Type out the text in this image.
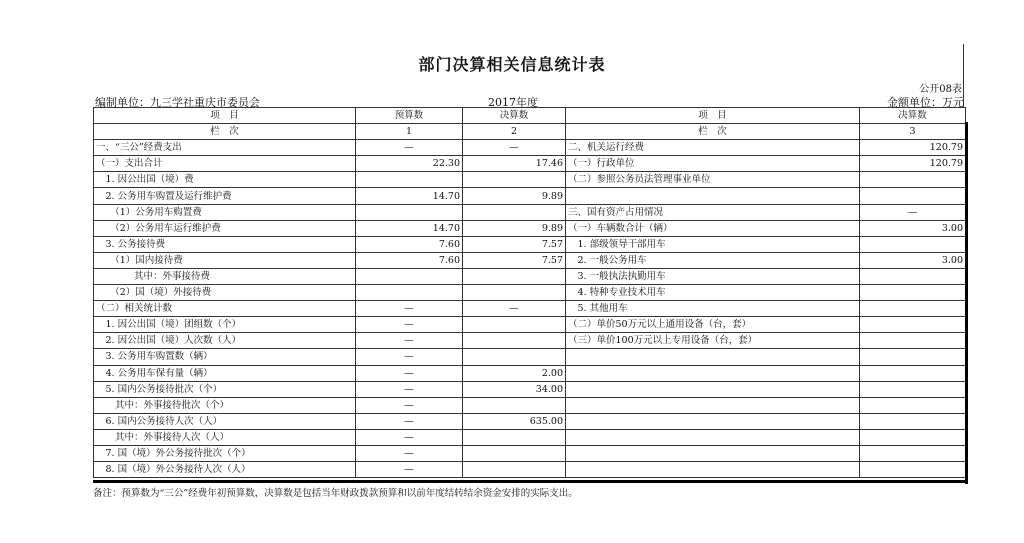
部门决算相关信息统计表
公开08表
编制单位：九三学社重庆市委员会	2017年度	金额单位：万元
项　目	预算数	决算数	项　目	决算数
栏　次	1	2	栏　次	3
一、“三公”经费支出	—	—	二、机关运行经费	120.79
（一）支出合计	22.30	17.46	（一）行政单位	120.79
　1. 因公出国（境）费			（二）参照公务员法管理事业单位	
　2. 公务用车购置及运行维护费	14.70	9.89		
　　（1）公务用车购置费			三、国有资产占用情况	—
　　（2）公务用车运行维护费	14.70	9.89	（一）车辆数合计（辆）	3.00
　3. 公务接待费	7.60	7.57	　1. 部级领导干部用车	
　　（1）国内接待费	7.60	7.57	　2. 一般公务用车	3.00
　　　　其中：外事接待费			　3. 一般执法执勤用车	
　　（2）国（境）外接待费			　4. 特种专业技术用车	
（二）相关统计数	—	—	　5. 其他用车	
　1. 因公出国（境）团组数（个）	—		（二）单价50万元以上通用设备（台，套）	
　2. 因公出国（境）人次数（人）	—		（三）单价100万元以上专用设备（台，套）	
　3. 公务用车购置数（辆）	—			
　4. 公务用车保有量（辆）	—	2.00		
　5. 国内公务接待批次（个）	—	34.00		
　　其中：外事接待批次（个）	—			
　6. 国内公务接待人次（人）	—	635.00		
　　其中：外事接待人次（人）	—			
　7. 国（境）外公务接待批次（个）	—			
　8. 国（境）外公务接待人次（人）	—			
备注：预算数为“三公”经费年初预算数，决算数是包括当年财政拨款预算和以前年度结转结余资金安排的实际支出。
